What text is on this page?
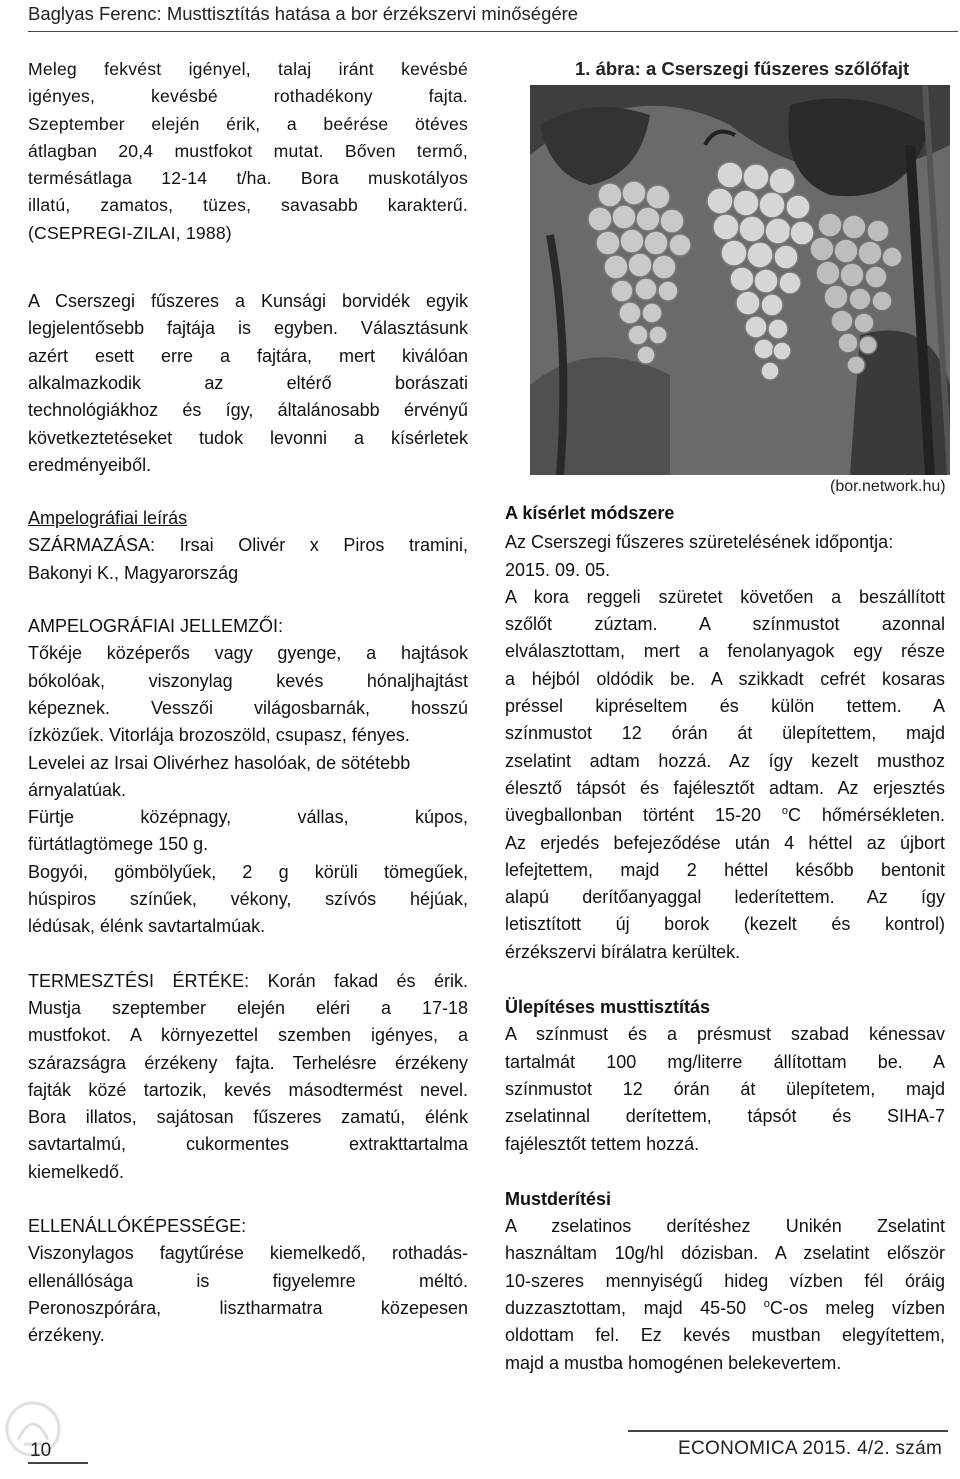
Baglyas Ferenc: Musttisztítás hatása a bor érzékszervi minőségére

Meleg fekvést igényel, talaj iránt kevésbé

igényes, kevésbé rothadékony fajta.

Szeptember elején érik, a beérése ötéves

átlagban 20,4 mustfokot mutat. Bőven termő,

termésátlaga 12-14 t/ha. Bora muskotályos

illatú, zamatos, tüzes, savasabb karakterű.

(CSEPREGI-ZILAI, 1988)

A Cserszegi fűszeres a Kunsági borvidék egyik

legjelentősebb fajtája is egyben. Választásunk

azért esett erre a fajtára, mert kiválóan

alkalmazkodik az eltérő borászati

technológiákhoz és így, általánosabb érvényű

következtetéseket tudok levonni a kísérletek

eredményeiből.

Ampelográfiai leírás

SZÁRMAZÁSA: Irsai Olivér x Piros tramini,

Bakonyi K., Magyarország

AMPELOGRÁFIAI JELLEMZŐI:

Tőkéje középerős vagy gyenge, a hajtások

bókolóak, viszonylag kevés hónaljhajtást

képeznek. Vesszői világosbarnák, hosszú

ízközűek. Vitorlája brozoszöld, csupasz, fényes.

Levelei az Irsai Olivérhez hasolóak, de sötétebb

árnyalatúak.

Fürtje középnagy, vállas, kúpos,

fürtátlagtömege 150 g.

Bogyói, gömbölyűek, 2 g körüli tömegűek,

húspiros színűek, vékony, szívós héjúak,

lédúsak, élénk savtartalmúak.

TERMESZTÉSI ÉRTÉKE: Korán fakad és érik.

Mustja szeptember elején eléri a 17-18

mustfokot. A környezettel szemben igényes, a

szárazságra érzékeny fajta. Terhelésre érzékeny

fajták közé tartozik, kevés másodtermést nevel.

Bora illatos, sajátosan fűszeres zamatú, élénk

savtartalmú, cukormentes extrakttartalma

kiemelkedő.

ELLENÁLLÓKÉPESSÉGE:

Viszonylagos fagytűrése kiemelkedő, rothadás-

ellenállósága is figyelemre méltó.

Peronoszpórára, lisztharmatra közepesen

érzékeny.

1. ábra: a Cserszegi fűszeres szőlőfajt
(bor.network.hu)

A kísérlet módszere

Az Cserszegi fűszeres szüretelésének időpontja:

2015. 09. 05.

A kora reggeli szüretet követően a beszállított

szőlőt zúztam. A színmustot azonnal

elválasztottam, mert a fenolanyagok egy része

a héjból oldódik be. A szikkadt cefrét kosaras

préssel kipréseltem és külön tettem. A

színmustot 12 órán át ülepítettem, majd

zselatint adtam hozzá. Az így kezelt musthoz

élesztő tápsót és fajélesztőt adtam. Az erjesztés

üvegballonban történt 15-20 $^o$C hőmérsékleten.

Az erjedés befejeződése után 4 héttel az újbort

lefejtettem, majd 2 héttel később bentonit

alapú derítőanyaggal lederítettem. Az így

letisztított új borok (kezelt és kontrol)

érzékszervi bírálatra kerültek.

Ülepítéses musttisztítás

A színmust és a présmust szabad kénessav

tartalmát 100 mg/literre állítottam be. A

színmustot 12 órán át ülepítetem, majd

zselatinnal derítettem, tápsót és SIHA-7

fajélesztőt tettem hozzá.

Mustderítési

A zselatinos derítéshez Unikén Zselatint

használtam 10g/hl dózisban. A zselatint először

10-szeres mennyiségű hideg vízben fél óráig

duzzasztottam, majd 45-50 $^o$C-os meleg vízben

oldottam fel. Ez kevés mustban elegyítettem,

majd a mustba homogénen belekevertem.

10	ECONOMICA 2015. 4/2. szám
